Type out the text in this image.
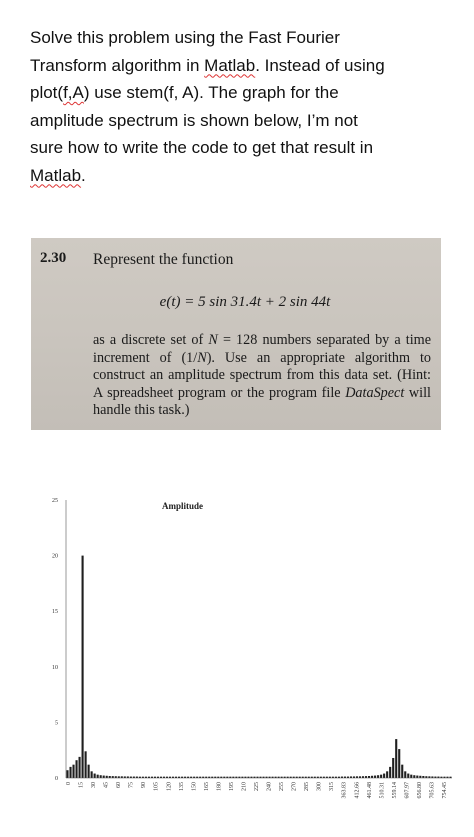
Solve this problem using the Fast Fourier
Transform algorithm in Matlab. Instead of using
plot(f,A) use stem(f, A). The graph for the
amplitude spectrum is shown below, I’m not
sure how to write the code to get that result in
Matlab.
2.30 Represent the function
e(t) = 5 sin 31.4t + 2 sin 44t
as a discrete set of N = 128 numbers separated by a time increment of (1/N). Use an appropriate algorithm to construct an amplitude spectrum from this data set. (Hint: A spreadsheet program or the program file DataSpect will handle this task.)
Amplitude
0
5
10
15
20
25
0 15 30 45 60 75 90 105 120 135 150 165 180 195 210 225 240 255 270 285 300 315 363.83 412.66 461.48 510.31 559.14 607.97 656.80 705.63 754.45
